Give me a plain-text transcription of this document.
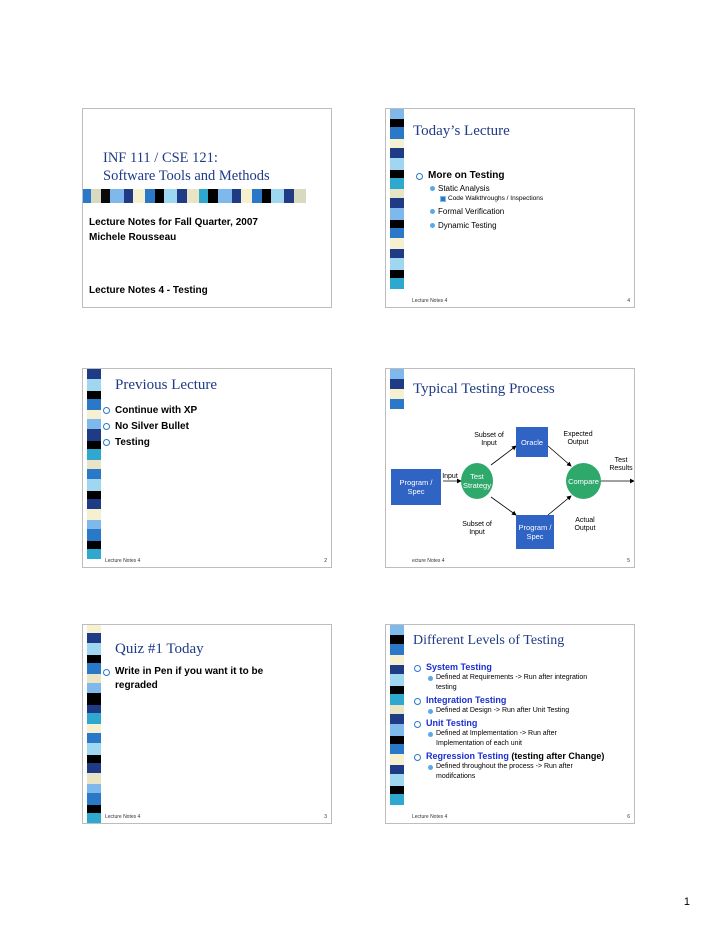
INF 111 / CSE 121:
Software Tools and Methods
Lecture Notes for Fall Quarter, 2007
Michele Rousseau
Lecture Notes 4 - Testing
Today’s Lecture
More on Testing
Static Analysis
Code Walkthroughs / Inspections
Formal Verification
Dynamic Testing
Lecture Notes 4	4
Previous Lecture
Continue with XP
No Silver Bullet
Testing
Lecture Notes 4	2
Typical Testing Process
Oracle
Subset of Input
Expected Output
Test Results
Input
Program / Spec
Test Strategy	Compare
Subset of Input
Program / Spec
Actual Output
ecture Notes 4	5
Quiz #1 Today
Write in Pen if you want it to be
regraded
Lecture Notes 4	3
Different Levels of Testing
System Testing
Defined at Requirements -> Run after integration
testing
Integration Testing
Defined at Design -> Run after Unit Testing
Unit Testing
Defined at Implementation -> Run after
Implementation of each unit
Regression Testing (testing after Change)
Defined throughout the process -> Run after
modifcations
Lecture Notes 4	6
1
